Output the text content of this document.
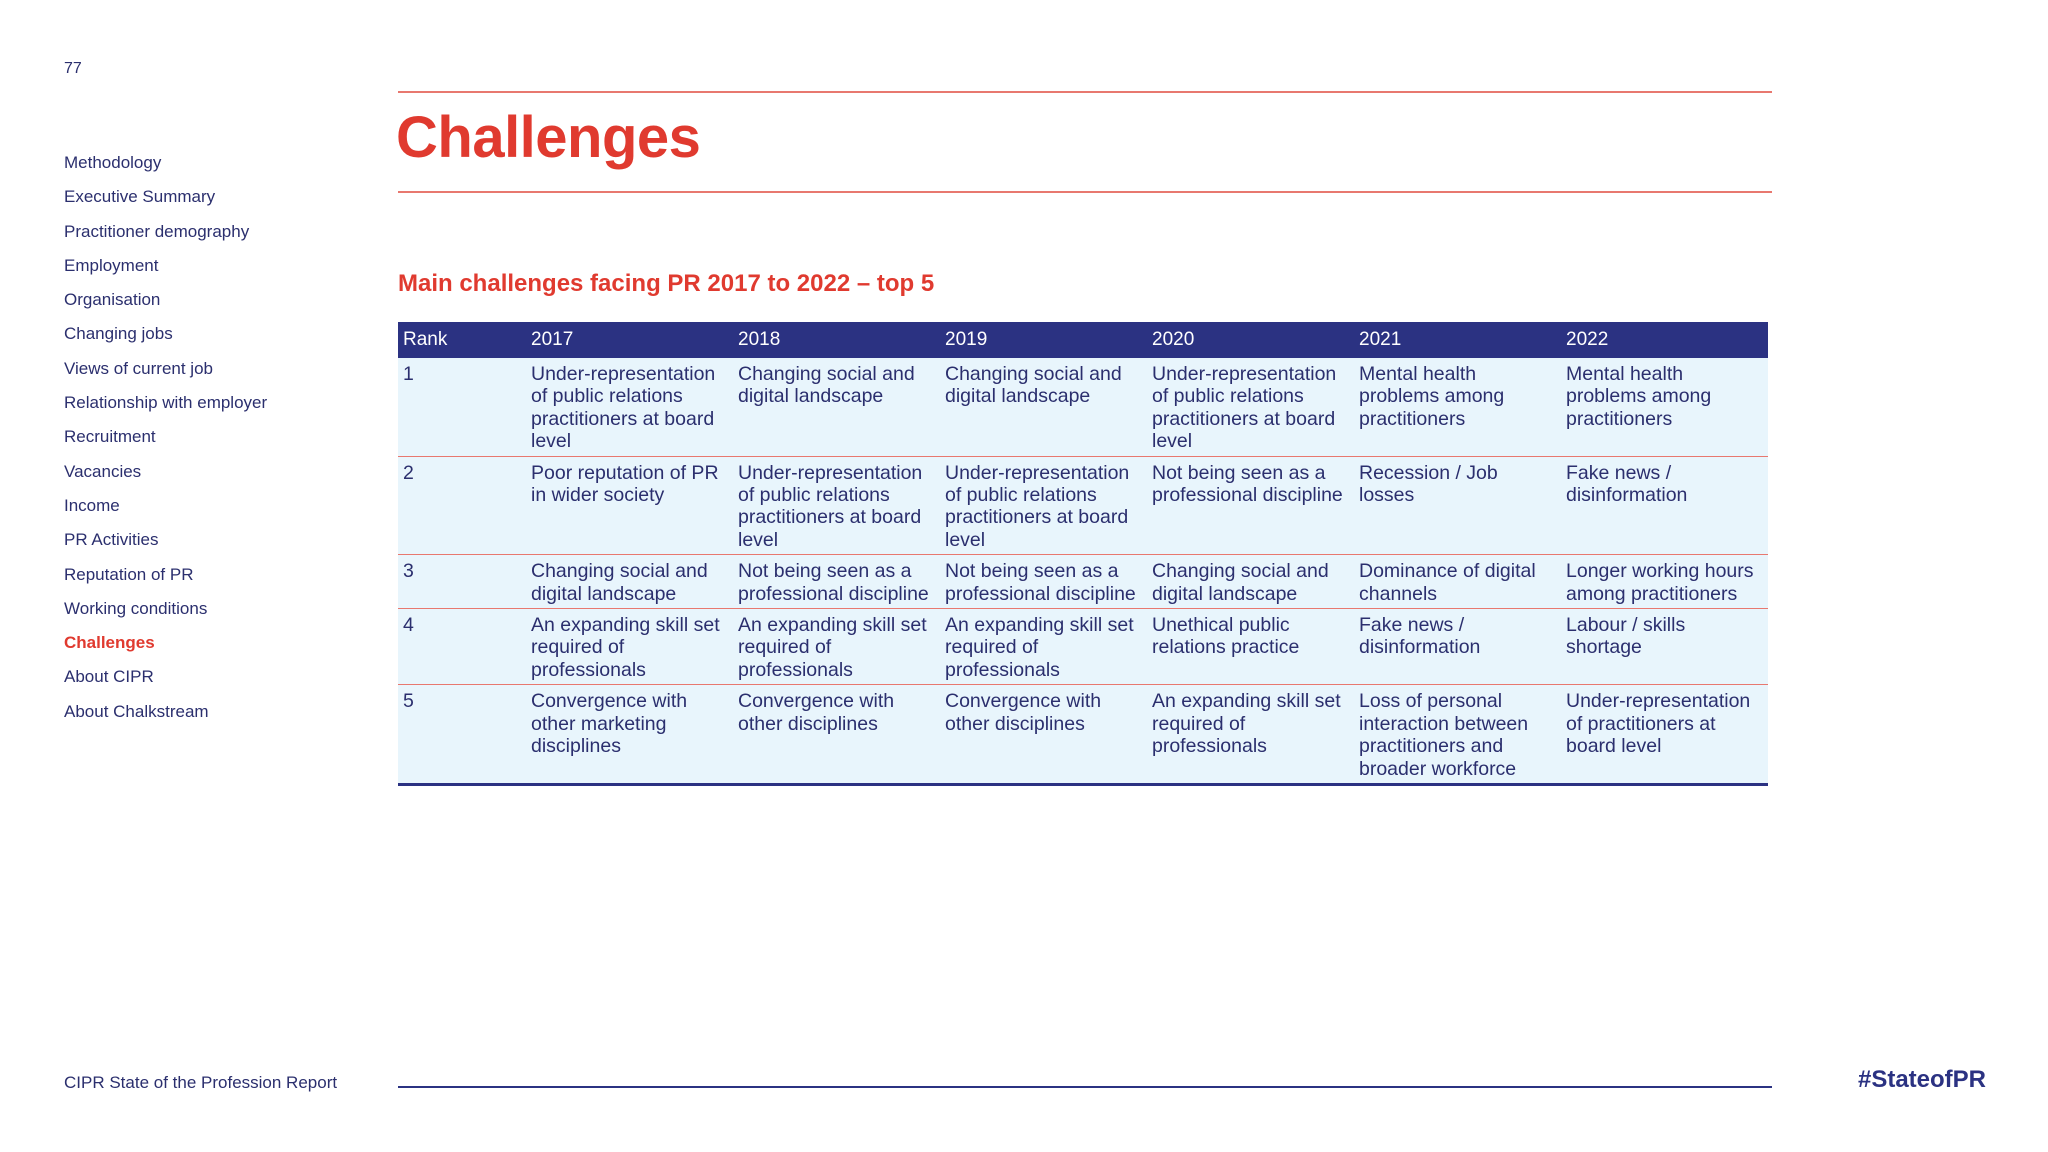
77
Methodology
Executive Summary
Practitioner demography
Employment
Organisation
Changing jobs
Views of current job
Relationship with employer
Recruitment
Vacancies
Income
PR Activities
Reputation of PR
Working conditions
Challenges
About CIPR
About Chalkstream
Challenges
Main challenges facing PR 2017 to 2022 – top 5
Rank	2017	2018	2019	2020	2021	2022
1	Under-representation of public relations practitioners at board level	Changing social and digital landscape	Changing social and digital landscape	Under-representation of public relations practitioners at board level	Mental health problems among practitioners	Mental health problems among practitioners
2	Poor reputation of PR in wider society	Under-representation of public relations practitioners at board level	Under-representation of public relations practitioners at board level	Not being seen as a professional discipline	Recession / Job losses	Fake news / disinformation
3	Changing social and digital landscape	Not being seen as a professional discipline	Not being seen as a professional discipline	Changing social and digital landscape	Dominance of digital channels	Longer working hours among practitioners
4	An expanding skill set required of professionals	An expanding skill set required of professionals	An expanding skill set required of professionals	Unethical public relations practice	Fake news / disinformation	Labour / skills shortage
5	Convergence with other marketing disciplines	Convergence with other disciplines	Convergence with other disciplines	An expanding skill set required of professionals	Loss of personal interaction between practitioners and broader workforce	Under-representation of practitioners at board level
CIPR State of the Profession Report	#StateofPR
